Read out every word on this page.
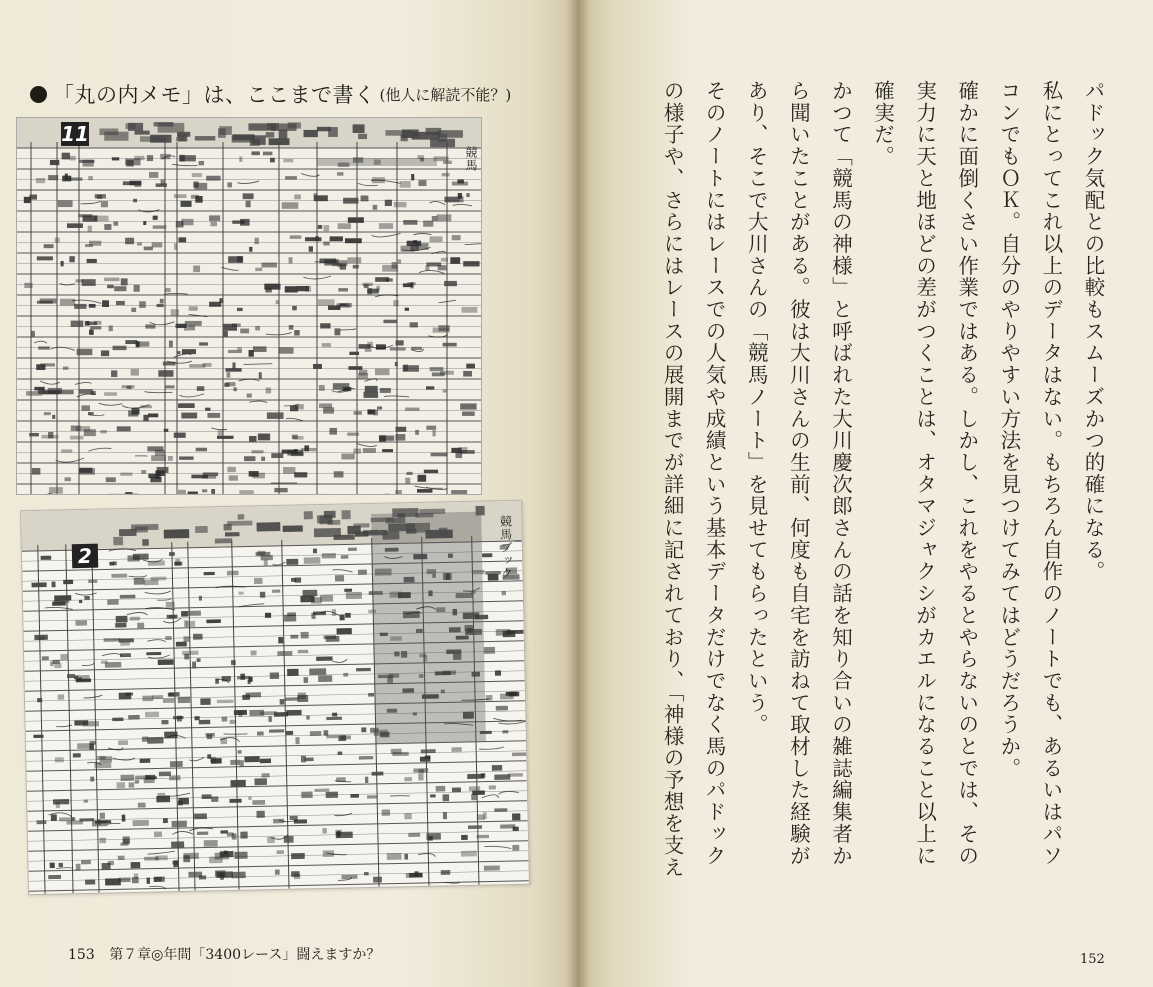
「丸の内メモ」は、ここまで書く (他人に解読不能？)
11
競馬
2	競馬ブック
153 第７章◎年間「3400レース」闘えますか？

パドック気配との比較もスムーズかつ的確になる。

私にとってこれ以上のデータはない。もちろん自作のノートでも、あるいはパソコンでもＯＫ。自分のやりやすい方法を見つけてみてはどうだろうか。

確かに面倒くさい作業ではある。しかし、これをやるとやらないのとでは、その実力に天と地ほどの差がつくことは、オタマジャクシがカエルになること以上に確実だ。

かつて「競馬の神様」と呼ばれた大川慶次郎さんの話を知り合いの雑誌編集者から聞いたことがある。彼は大川さんの生前、何度も自宅を訪ねて取材した経験があり、そこで大川さんの「競馬ノート」を見せてもらったという。

そのノートにはレースでの人気や成績という基本データだけでなく馬のパドックの様子や、さらにはレースの展開までが詳細に記されており、「神様の予想を支え

152
